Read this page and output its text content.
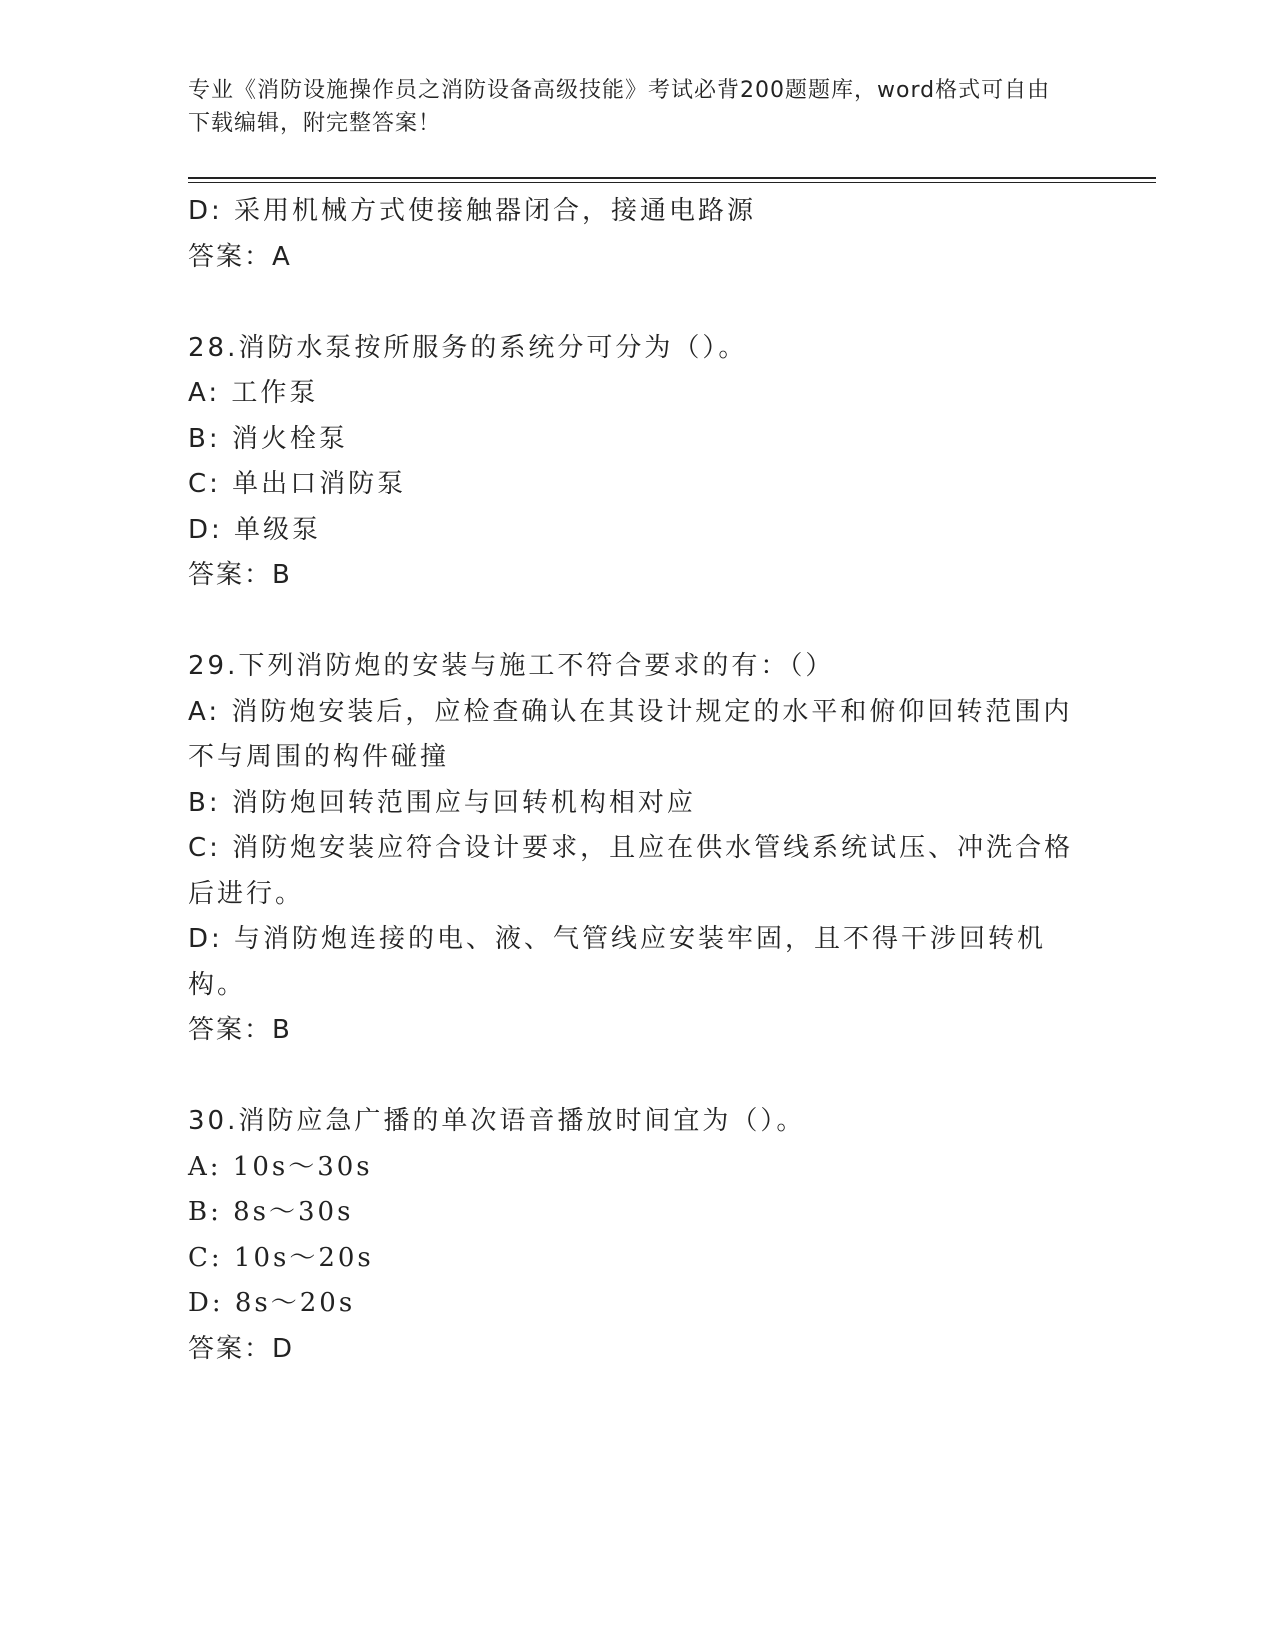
专业《消防设施操作员之消防设备高级技能》考试必背200题题库，word格式可自由下载编辑，附完整答案！
D: 采用机械方式使接触器闭合，接通电路源
答案：A
28.消防水泵按所服务的系统分可分为（）。
A: 工作泵
B: 消火栓泵
C: 单出口消防泵
D: 单级泵
答案：B
29.下列消防炮的安装与施工不符合要求的有：（）
A: 消防炮安装后，应检查确认在其设计规定的水平和俯仰回转范围内不与周围的构件碰撞
B: 消防炮回转范围应与回转机构相对应
C: 消防炮安装应符合设计要求，且应在供水管线系统试压、冲洗合格后进行。
D: 与消防炮连接的电、液、气管线应安装牢固，且不得干涉回转机构。
答案：B
30.消防应急广播的单次语音播放时间宜为（）。
A: 10s～30s
B: 8s～30s
C: 10s～20s
D: 8s～20s
答案：D
